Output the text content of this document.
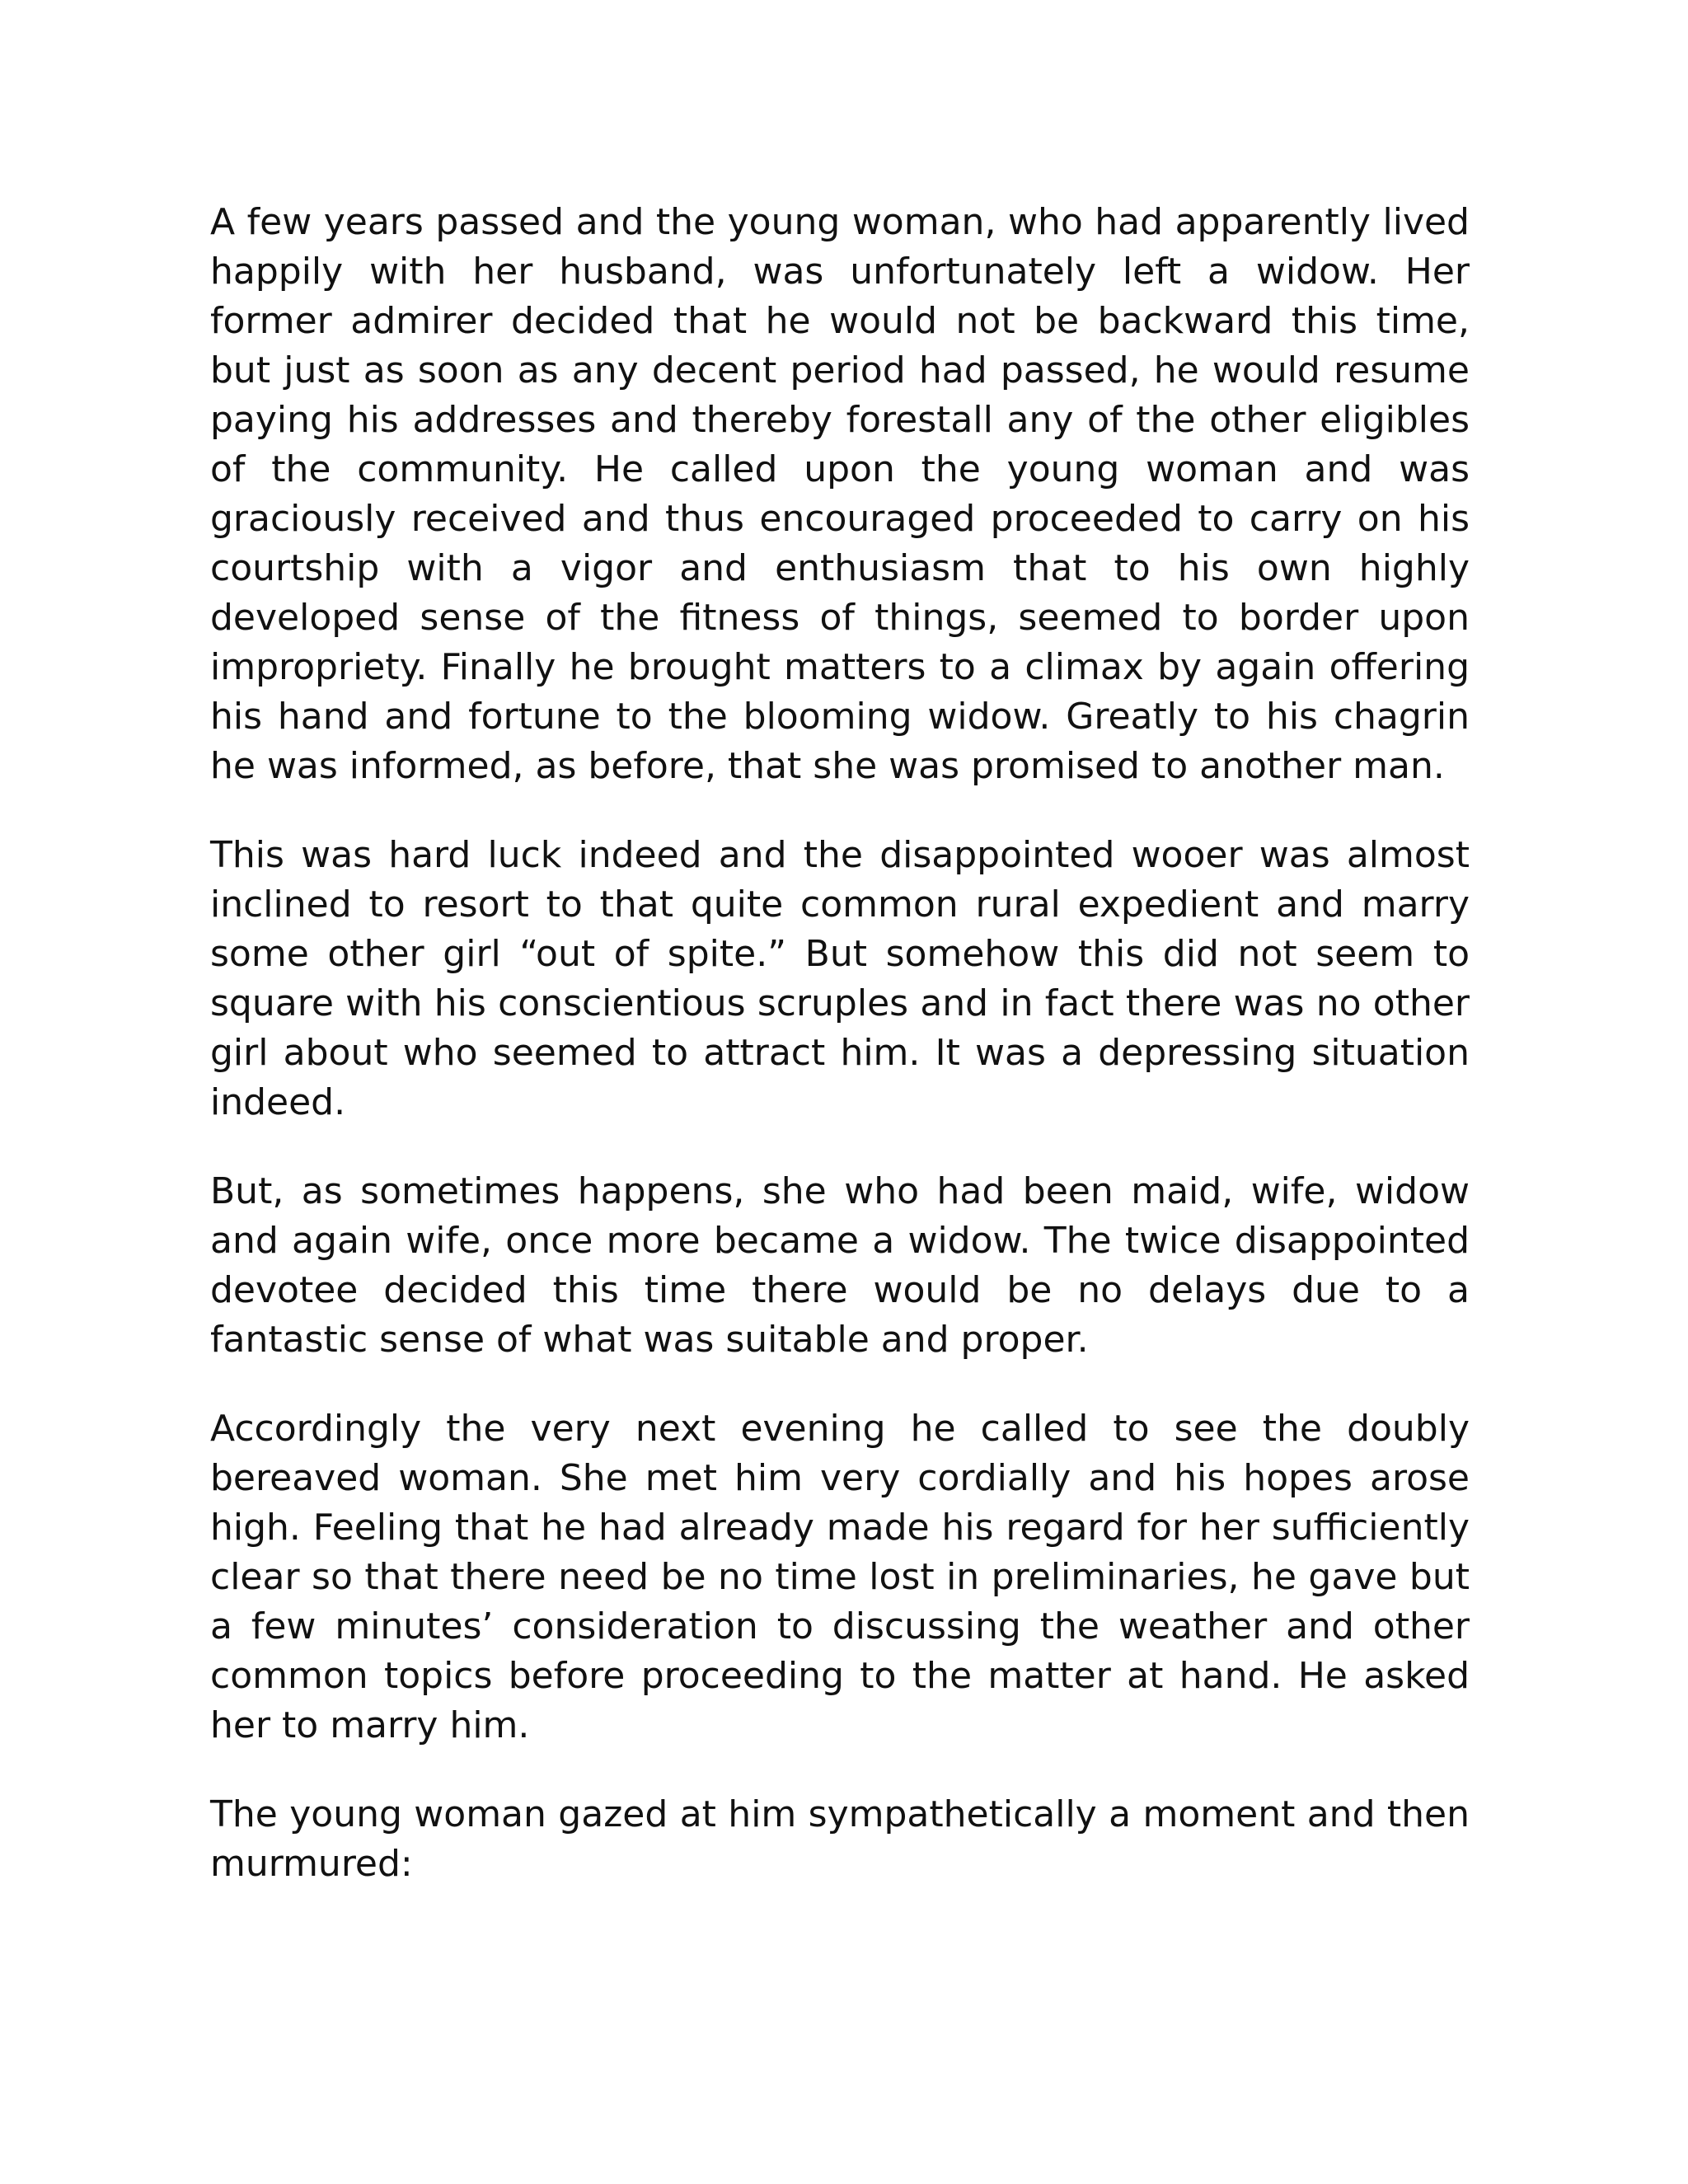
A few years passed and the young woman, who had apparently lived happily with her husband, was unfortunately left a widow. Her former admirer decided that he would not be backward this time, but just as soon as any decent period had passed, he would resume paying his addresses and thereby forestall any of the other eligibles of the community. He called upon the young woman and was graciously received and thus encouraged proceeded to carry on his courtship with a vigor and enthusiasm that to his own highly developed sense of the fitness of things, seemed to border upon impropriety. Finally he brought matters to a climax by again offering his hand and fortune to the blooming widow. Greatly to his chagrin he was informed, as before, that she was promised to another man.

This was hard luck indeed and the disappointed wooer was almost inclined to resort to that quite common rural expedient and marry some other girl “out of spite.” But somehow this did not seem to square with his conscientious scruples and in fact there was no other girl about who seemed to attract him. It was a depressing situation indeed.

But, as sometimes happens, she who had been maid, wife, widow and again wife, once more became a widow. The twice disappointed devotee decided this time there would be no delays due to a fantastic sense of what was suitable and proper.

Accordingly the very next evening he called to see the doubly bereaved woman. She met him very cordially and his hopes arose high. Feeling that he had already made his regard for her sufficiently clear so that there need be no time lost in preliminaries, he gave but a few minutes’ consideration to discussing the weather and other common topics before proceeding to the matter at hand. He asked her to marry him.

The young woman gazed at him sympathetically a moment and then murmured:
